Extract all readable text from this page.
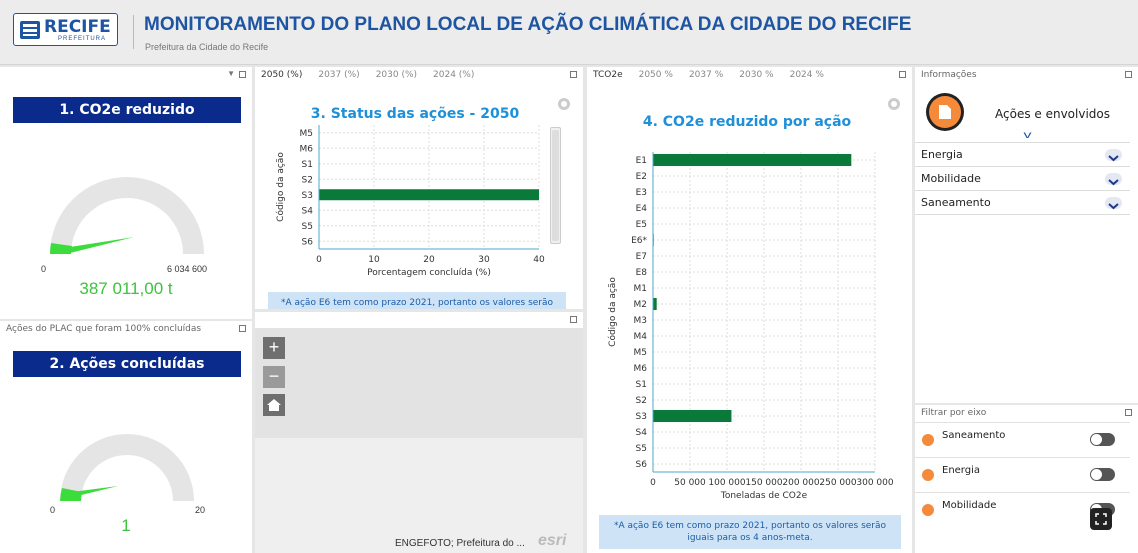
RECIFE
PREFEITURA
MONITORAMENTO DO PLANO LOCAL DE AÇÃO CLIMÁTICA DA CIDADE DO RECIFE
Prefeitura da Cidade do Recife
▼
1. CO2e reduzido
0	6 034 600
387 011,00 t
Ações do PLAC que foram 100% concluídas
2. Ações concluídas
0	20
1
2050 (%) 2037 (%) 2030 (%) 2024 (%)
3. Status das ações - 2050
0	10	20	30	40
M5
M6
S1
S2
S3
S4
S5
S6
Porcentagem concluída (%)
Código da ação
*A ação E6 tem como prazo 2021, portanto os valores serão
+
−
ENGEFOTO; Prefeitura do ... esri
TCO2e 2050 % 2037 % 2030 % 2024 %
4. CO2e reduzido por ação
0 50 000 100 000 150 000 200 000 250 000 300 000
E1
E2
E3
E4
E5
E6*
E7
E8
M1
M2
M3
M4
M5
M6
S1
S2
S3
S4
S5
S6
Toneladas de CO2e
Código da ação
*A ação E6 tem como prazo 2021, portanto os valores serão iguais para os 4 anos-meta.
Informações
Ações e envolvidos
v
Energia
Mobilidade
Saneamento
Filtrar por eixo
Saneamento
Energia
Mobilidade
